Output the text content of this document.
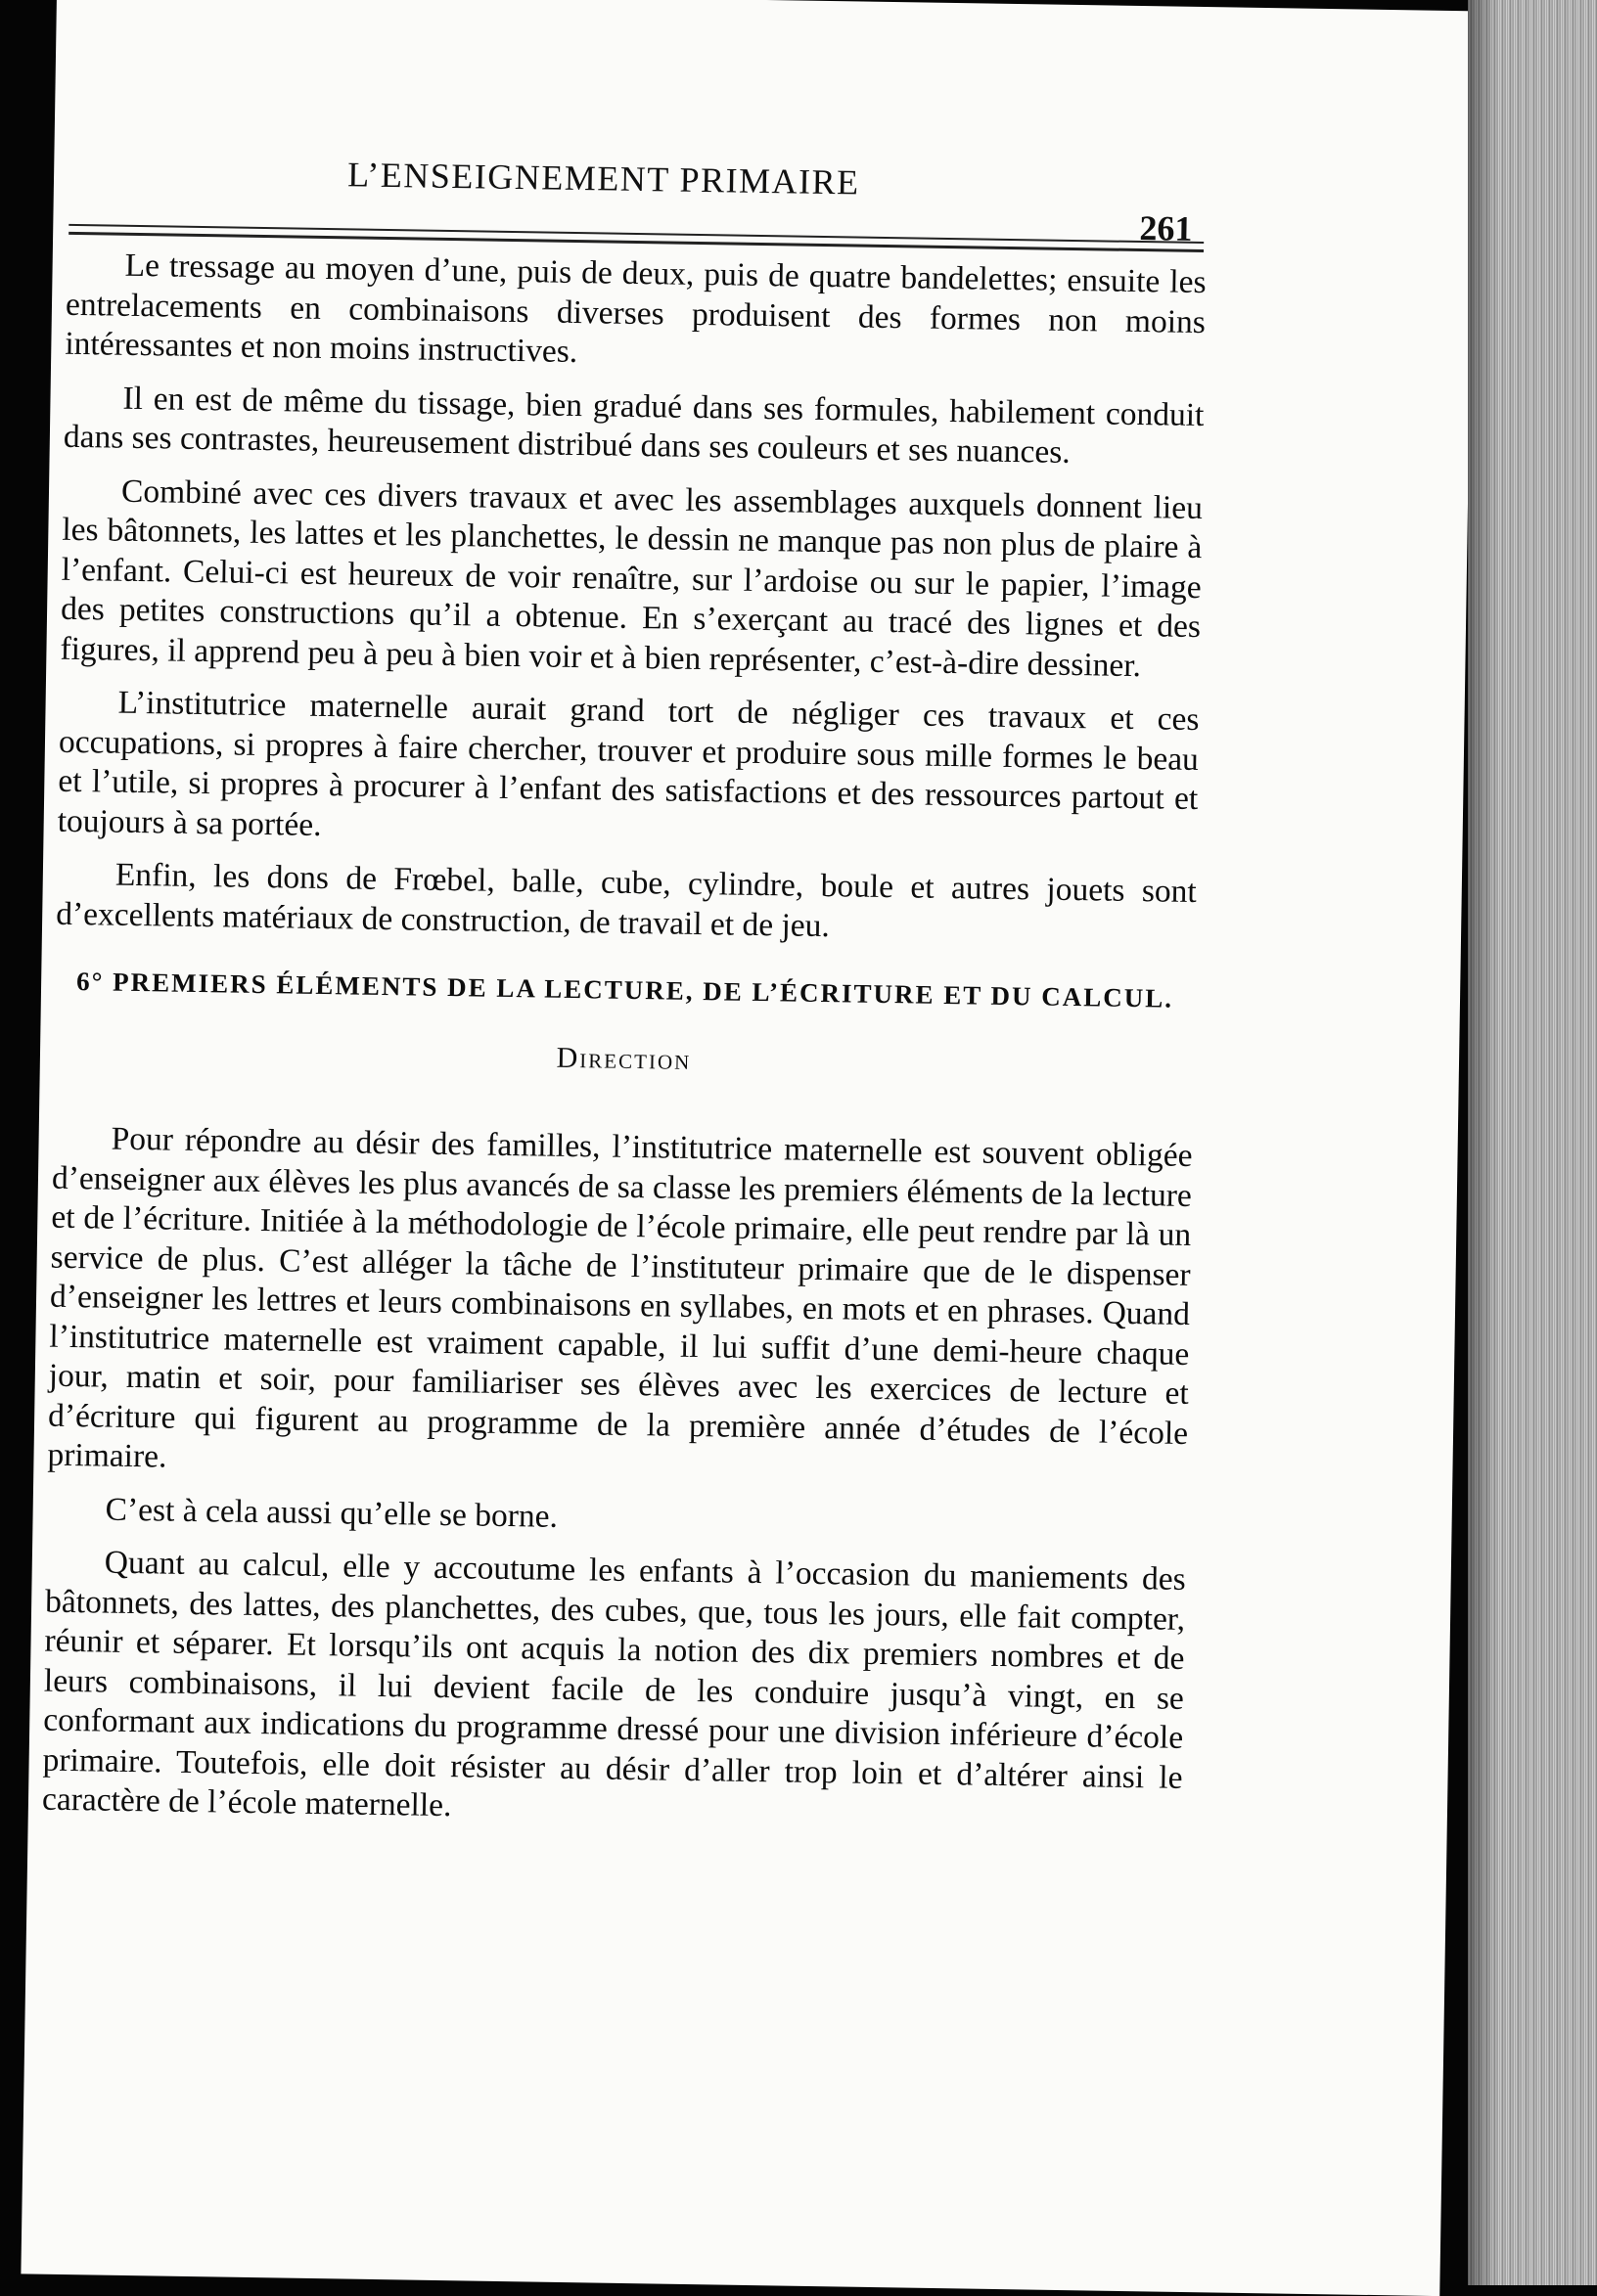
L’ENSEIGNEMENT PRIMAIRE
261

Le tressage au moyen d’une, puis de deux, puis de quatre bandelettes; ensuite les entrelacements en combinaisons diverses produisent des formes non moins intéressantes et non moins instructives.

Il en est de même du tissage, bien gradué dans ses formules, habilement conduit dans ses contrastes, heureusement distribué dans ses couleurs et ses nuances.

Combiné avec ces divers travaux et avec les assemblages auxquels donnent lieu les bâtonnets, les lattes et les planchettes, le dessin ne manque pas non plus de plaire à l’enfant. Celui-ci est heureux de voir renaître, sur l’ardoise ou sur le papier, l’image des petites constructions qu’il a obtenue. En s’exerçant au tracé des lignes et des figures, il apprend peu à peu à bien voir et à bien représenter, c’est-à-dire dessiner.

L’institutrice maternelle aurait grand tort de négliger ces travaux et ces occupations, si propres à faire chercher, trouver et produire sous mille formes le beau et l’utile, si propres à procurer à l’enfant des satisfactions et des ressources partout et toujours à sa portée.

Enfin, les dons de Frœbel, balle, cube, cylindre, boule et autres jouets sont d’excellents matériaux de construction, de travail et de jeu.

6° PREMIERS ÉLÉMENTS DE LA LECTURE, DE L’ÉCRITURE ET DU CALCUL.
Direction

Pour répondre au désir des familles, l’institutrice maternelle est souvent obligée d’enseigner aux élèves les plus avancés de sa classe les premiers éléments de la lecture et de l’écriture. Initiée à la méthodologie de l’école primaire, elle peut rendre par là un service de plus. C’est alléger la tâche de l’instituteur primaire que de le dispenser d’enseigner les lettres et leurs combinaisons en syllabes, en mots et en phrases. Quand l’institutrice maternelle est vraiment capable, il lui suffit d’une demi-heure chaque jour, matin et soir, pour familiariser ses élèves avec les exercices de lecture et d’écriture qui figurent au programme de la première année d’études de l’école primaire.

C’est à cela aussi qu’elle se borne.

Quant au calcul, elle y accoutume les enfants à l’occasion du maniements des bâtonnets, des lattes, des planchettes, des cubes, que, tous les jours, elle fait compter, réunir et séparer. Et lorsqu’ils ont acquis la notion des dix premiers nombres et de leurs combinaisons, il lui devient facile de les conduire jusqu’à vingt, en se conformant aux indications du programme dressé pour une division inférieure d’école primaire. Toutefois, elle doit résister au désir d’aller trop loin et d’altérer ainsi le caractère de l’école maternelle.
